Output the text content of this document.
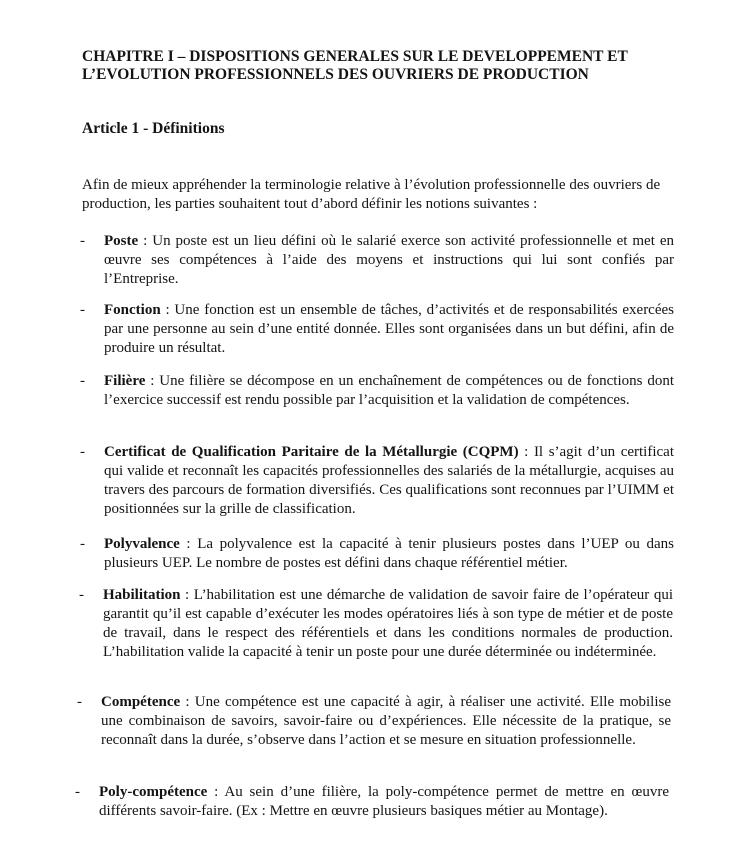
CHAPITRE I – DISPOSITIONS GENERALES SUR LE DEVELOPPEMENT ET
L’EVOLUTION PROFESSIONNELS DES OUVRIERS DE PRODUCTION
Article 1 - Définitions

Afin de mieux appréhender la terminologie relative à l’évolution professionnelle des ouvriers de production, les parties souhaitent tout d’abord définir les notions suivantes :

- Poste : Un poste est un lieu défini où le salarié exerce son activité professionnelle et met en œuvre ses compétences à l’aide des moyens et instructions qui lui sont confiés par l’Entreprise.
- Fonction : Une fonction est un ensemble de tâches, d’activités et de responsabilités exercées par une personne au sein d’une entité donnée. Elles sont organisées dans un but défini, afin de produire un résultat.
- Filière : Une filière se décompose en un enchaînement de compétences ou de fonctions dont l’exercice successif est rendu possible par l’acquisition et la validation de compétences.
- Certificat de Qualification Paritaire de la Métallurgie (CQPM) : Il s’agit d’un certificat qui valide et reconnaît les capacités professionnelles des salariés de la métallurgie, acquises au travers des parcours de formation diversifiés. Ces qualifications sont reconnues par l’UIMM et positionnées sur la grille de classification.
- Polyvalence : La polyvalence est la capacité à tenir plusieurs postes dans l’UEP ou dans plusieurs UEP. Le nombre de postes est défini dans chaque référentiel métier.
- Habilitation : L’habilitation est une démarche de validation de savoir faire de l’opérateur qui garantit qu’il est capable d’exécuter les modes opératoires liés à son type de métier et de poste de travail, dans le respect des référentiels et dans les conditions normales de production. L’habilitation valide la capacité à tenir un poste pour une durée déterminée ou indéterminée.
- Compétence : Une compétence est une capacité à agir, à réaliser une activité. Elle mobilise une combinaison de savoirs, savoir-faire ou d’expériences. Elle nécessite de la pratique, se reconnaît dans la durée, s’observe dans l’action et se mesure en situation professionnelle.
- Poly-compétence : Au sein d’une filière, la poly-compétence permet de mettre en œuvre différents savoir-faire. (Ex : Mettre en œuvre plusieurs basiques métier au Montage).
